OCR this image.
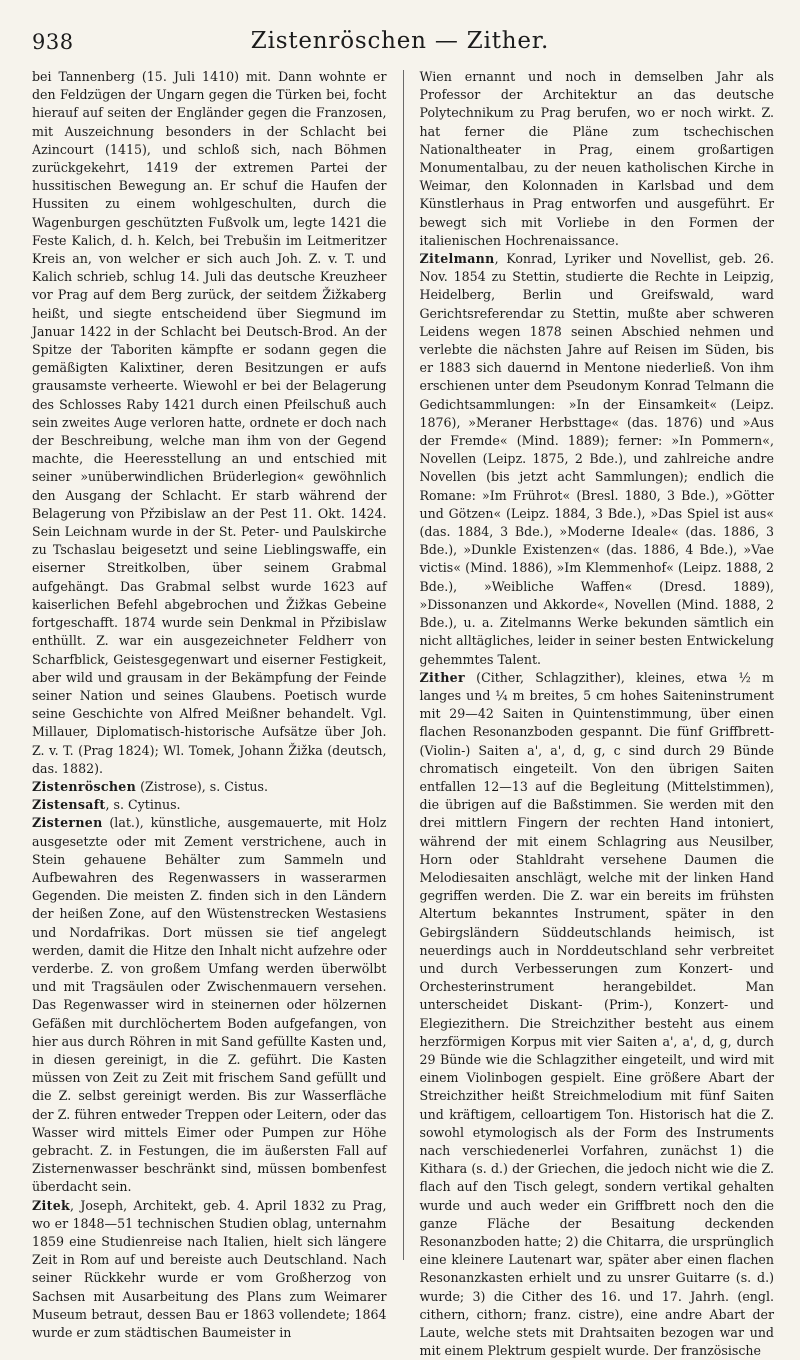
938	Zistenröschen — Zither.

bei Tannenberg (15. Juli 1410) mit. Dann wohnte er den Feldzügen der Ungarn gegen die Türken bei, focht hierauf auf seiten der Engländer gegen die Franzosen, mit Auszeichnung besonders in der Schlacht bei Azincourt (1415), und schloß sich, nach Böhmen zurückgekehrt, 1419 der extremen Partei der hussitischen Bewegung an. Er schuf die Haufen der Hussiten zu einem wohlgeschulten, durch die Wagenburgen geschützten Fußvolk um, legte 1421 die Feste Kalich, d. h. Kelch, bei Trebušin im Leitmeritzer Kreis an, von welcher er sich auch Joh. Z. v. T. und Kalich schrieb, schlug 14. Juli das deutsche Kreuzheer vor Prag auf dem Berg zurück, der seitdem Žižkaberg heißt, und siegte entscheidend über Siegmund im Januar 1422 in der Schlacht bei Deutsch-Brod. An der Spitze der Taboriten kämpfte er sodann gegen die gemäßigten Kalixtiner, deren Besitzungen er aufs grausamste verheerte. Wiewohl er bei der Belagerung des Schlosses Raby 1421 durch einen Pfeilschuß auch sein zweites Auge verloren hatte, ordnete er doch nach der Beschreibung, welche man ihm von der Gegend machte, die Heeresstellung an und entschied mit seiner »unüberwindlichen Brüderlegion« gewöhnlich den Ausgang der Schlacht. Er starb während der Belagerung von Přzibislaw an der Pest 11. Okt. 1424. Sein Leichnam wurde in der St. Peter- und Paulskirche zu Tschaslau beigesetzt und seine Lieblingswaffe, ein eiserner Streitkolben, über seinem Grabmal aufgehängt. Das Grabmal selbst wurde 1623 auf kaiserlichen Befehl abgebrochen und Žižkas Gebeine fortgeschafft. 1874 wurde sein Denkmal in Přzibislaw enthüllt. Z. war ein ausgezeichneter Feldherr von Scharfblick, Geistesgegenwart und eiserner Festigkeit, aber wild und grausam in der Bekämpfung der Feinde seiner Nation und seines Glaubens. Poetisch wurde seine Geschichte von Alfred Meißner behandelt. Vgl. Millauer, Diplomatisch-historische Aufsätze über Joh. Z. v. T. (Prag 1824); Wl. Tomek, Johann Žižka (deutsch, das. 1882).

Zistenröschen (Zistrose), s. Cistus.

Zistensaft, s. Cytinus.

Zisternen (lat.), künstliche, ausgemauerte, mit Holz ausgesetzte oder mit Zement verstrichene, auch in Stein gehauene Behälter zum Sammeln und Aufbewahren des Regenwassers in wasserarmen Gegenden. Die meisten Z. finden sich in den Ländern der heißen Zone, auf den Wüstenstrecken Westasiens und Nordafrikas. Dort müssen sie tief angelegt werden, damit die Hitze den Inhalt nicht aufzehre oder verderbe. Z. von großem Umfang werden überwölbt und mit Tragsäulen oder Zwischenmauern versehen. Das Regenwasser wird in steinernen oder hölzernen Gefäßen mit durchlöchertem Boden aufgefangen, von hier aus durch Röhren in mit Sand gefüllte Kasten und, in diesen gereinigt, in die Z. geführt. Die Kasten müssen von Zeit zu Zeit mit frischem Sand gefüllt und die Z. selbst gereinigt werden. Bis zur Wasserfläche der Z. führen entweder Treppen oder Leitern, oder das Wasser wird mittels Eimer oder Pumpen zur Höhe gebracht. Z. in Festungen, die im äußersten Fall auf Zisternenwasser beschränkt sind, müssen bombenfest überdacht sein.

Zitek, Joseph, Architekt, geb. 4. April 1832 zu Prag, wo er 1848—51 technischen Studien oblag, unternahm 1859 eine Studienreise nach Italien, hielt sich längere Zeit in Rom auf und bereiste auch Deutschland. Nach seiner Rückkehr wurde er vom Großherzog von Sachsen mit Ausarbeitung des Plans zum Weimarer Museum betraut, dessen Bau er 1863 vollendete; 1864 wurde er zum städtischen Baumeister in

Wien ernannt und noch in demselben Jahr als Professor der Architektur an das deutsche Polytechnikum zu Prag berufen, wo er noch wirkt. Z. hat ferner die Pläne zum tschechischen Nationaltheater in Prag, einem großartigen Monumentalbau, zu der neuen katholischen Kirche in Weimar, den Kolonnaden in Karlsbad und dem Künstlerhaus in Prag entworfen und ausgeführt. Er bewegt sich mit Vorliebe in den Formen der italienischen Hochrenaissance.

Zitelmann, Konrad, Lyriker und Novellist, geb. 26. Nov. 1854 zu Stettin, studierte die Rechte in Leipzig, Heidelberg, Berlin und Greifswald, ward Gerichtsreferendar zu Stettin, mußte aber schweren Leidens wegen 1878 seinen Abschied nehmen und verlebte die nächsten Jahre auf Reisen im Süden, bis er 1883 sich dauernd in Mentone niederließ. Von ihm erschienen unter dem Pseudonym Konrad Telmann die Gedichtsammlungen: »In der Einsamkeit« (Leipz. 1876), »Meraner Herbsttage« (das. 1876) und »Aus der Fremde« (Mind. 1889); ferner: »In Pommern«, Novellen (Leipz. 1875, 2 Bde.), und zahlreiche andre Novellen (bis jetzt acht Sammlungen); endlich die Romane: »Im Frührot« (Bresl. 1880, 3 Bde.), »Götter und Götzen« (Leipz. 1884, 3 Bde.), »Das Spiel ist aus« (das. 1884, 3 Bde.), »Moderne Ideale« (das. 1886, 3 Bde.), »Dunkle Existenzen« (das. 1886, 4 Bde.), »Vae victis« (Mind. 1886), »Im Klemmenhof« (Leipz. 1888, 2 Bde.), »Weibliche Waffen« (Dresd. 1889), »Dissonanzen und Akkorde«, Novellen (Mind. 1888, 2 Bde.), u. a. Zitelmanns Werke bekunden sämtlich ein nicht alltägliches, leider in seiner besten Entwickelung gehemmtes Talent.

Zither (Cither, Schlagzither), kleines, etwa ½ m langes und ¼ m breites, 5 cm hohes Saiteninstrument mit 29—42 Saiten in Quintenstimmung, über einen flachen Resonanzboden gespannt. Die fünf Griffbrett- (Violin-) Saiten a', a', d, g, c sind durch 29 Bünde chromatisch eingeteilt. Von den übrigen Saiten entfallen 12—13 auf die Begleitung (Mittelstimmen), die übrigen auf die Baßstimmen. Sie werden mit den drei mittlern Fingern der rechten Hand intoniert, während der mit einem Schlagring aus Neusilber, Horn oder Stahldraht versehene Daumen die Melodiesaiten anschlägt, welche mit der linken Hand gegriffen werden. Die Z. war ein bereits im frühsten Altertum bekanntes Instrument, später in den Gebirgsländern Süddeutschlands heimisch, ist neuerdings auch in Norddeutschland sehr verbreitet und durch Verbesserungen zum Konzert- und Orchesterinstrument herangebildet. Man unterscheidet Diskant- (Prim-), Konzert- und Elegiezithern. Die Streichzither besteht aus einem herzförmigen Korpus mit vier Saiten a', a', d, g, durch 29 Bünde wie die Schlagzither eingeteilt, und wird mit einem Violinbogen gespielt. Eine größere Abart der Streichzither heißt Streichmelodium mit fünf Saiten und kräftigem, celloartigem Ton. Historisch hat die Z. sowohl etymologisch als der Form des Instruments nach verschiedenerlei Vorfahren, zunächst 1) die Kithara (s. d.) der Griechen, die jedoch nicht wie die Z. flach auf den Tisch gelegt, sondern vertikal gehalten wurde und auch weder ein Griffbrett noch den die ganze Fläche der Besaitung deckenden Resonanzboden hatte; 2) die Chitarra, die ursprünglich eine kleinere Lautenart war, später aber einen flachen Resonanzkasten erhielt und zu unsrer Guitarre (s. d.) wurde; 3) die Cither des 16. und 17. Jahrh. (engl. cithern, cithorn; franz. cistre), eine andre Abart der Laute, welche stets mit Drahtsaiten bezogen war und mit einem Plektrum gespielt wurde. Der französische
